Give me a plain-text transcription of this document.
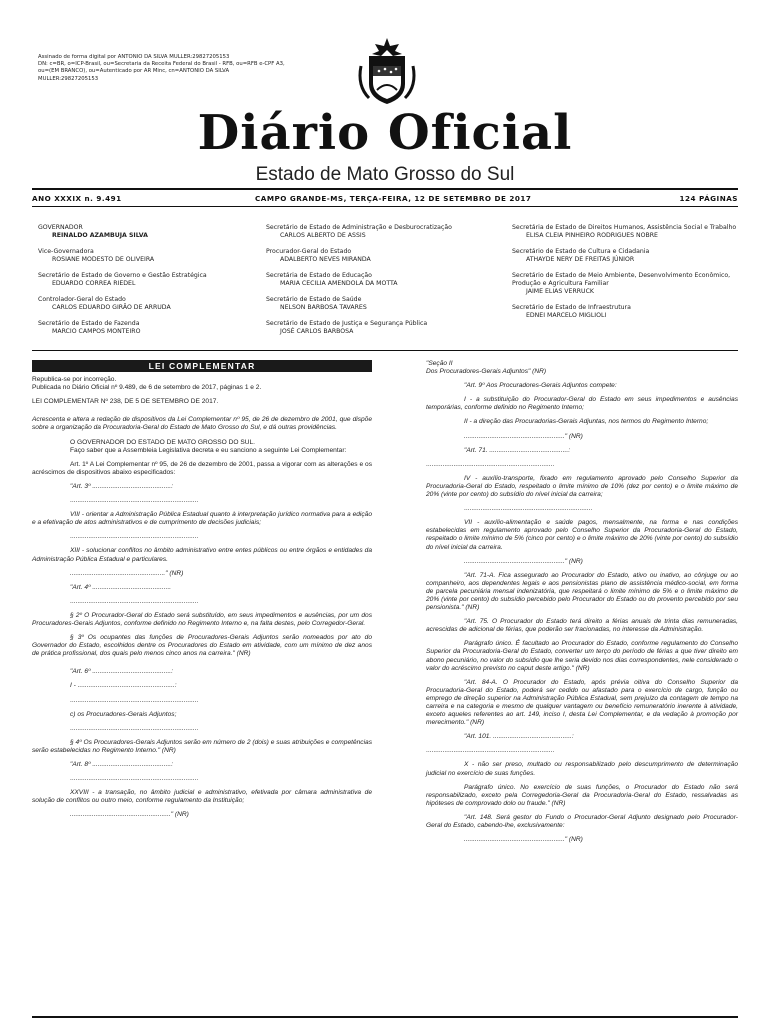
Assinado de forma digital por ANTONIO DA SILVA MULLER:29827205153
DN: c=BR, o=ICP-Brasil, ou=Secretaria da Receita Federal do Brasil - RFB, ou=RFB e-CPF A3,
ou=(EM BRANCO), ou=Autenticado por AR Minc, cn=ANTONIO DA SILVA
MULLER:29827205153
Diário Oficial
Estado de Mato Grosso do Sul
ANO XXXIX n. 9.491	CAMPO GRANDE-MS, TERÇA-FEIRA, 12 DE SETEMBRO DE 2017	124 PÁGINAS
GOVERNADOR
REINALDO AZAMBUJA SILVA
Vice-Governadora
ROSIANE MODESTO DE OLIVEIRA
Secretário de Estado de Governo e Gestão Estratégica
EDUARDO CORREA RIEDEL
Controlador-Geral do Estado
CARLOS EDUARDO GIRÃO DE ARRUDA
Secretário de Estado de Fazenda
MARCIO CAMPOS MONTEIRO
Secretário de Estado de Administração e Desburocratização
CARLOS ALBERTO DE ASSIS
Procurador-Geral do Estado
ADALBERTO NEVES MIRANDA
Secretária de Estado de Educação
MARIA CECILIA AMENDOLA DA MOTTA
Secretário de Estado de Saúde
NELSON BARBOSA TAVARES
Secretário de Estado de Justiça e Segurança Pública
JOSÉ CARLOS BARBOSA
Secretária de Estado de Direitos Humanos, Assistência Social e Trabalho
ELISA CLEIA PINHEIRO RODRIGUES NOBRE
Secretário de Estado de Cultura e Cidadania
ATHAYDE NERY DE FREITAS JÚNIOR
Secretário de Estado de Meio Ambiente, Desenvolvimento Econômico, Produção e Agricultura Familiar
JAIME ELIAS VERRUCK
Secretário de Estado de Infraestrutura
EDNEI MARCELO MIGLIOLI
LEI COMPLEMENTAR

Republica-se por incorreção.

Publicada no Diário Oficial nº 9.489, de 6 de setembro de 2017, páginas 1 e 2.

LEI COMPLEMENTAR Nº 238, DE 5 DE SETEMBRO DE 2017.

Acrescenta e altera a redação de dispositivos da Lei Complementar nº 95, de 26 de dezembro de 2001, que dispõe sobre a organização da Procuradoria-Geral do Estado de Mato Grosso do Sul, e dá outras providências.

O GOVERNADOR DO ESTADO DE MATO GROSSO DO SUL.

Faço saber que a Assembleia Legislativa decreta e eu sanciono a seguinte Lei Complementar:

Art. 1º A Lei Complementar nº 95, de 26 de dezembro de 2001, passa a vigorar com as alterações e os acréscimos de dispositivos abaixo especificados:

"Art. 3º ...........................................:

......................................................................

VIII - orientar a Administração Pública Estadual quanto à interpretação jurídico normativa para a edição e a efetivação de atos administrativos e de cumprimento de decisões judiciais;

......................................................................

XIII - solucionar conflitos no âmbito administrativo entre entes públicos ou entre órgãos e entidades da Administração Pública Estadual e particulares.

...................................................." (NR)

"Art. 4º ...........................................

......................................................................

§ 2º O Procurador-Geral do Estado será substituído, em seus impedimentos e ausências, por um dos Procuradores-Gerais Adjuntos, conforme definido no Regimento Interno e, na falta destes, pelo Corregedor-Geral.

§ 3º Os ocupantes das funções de Procuradores-Gerais Adjuntos serão nomeados por ato do Governador do Estado, escolhidos dentre os Procuradores do Estado em atividade, com um mínimo de dez anos de prática profissional, dos quais pelo menos cinco anos na carreira." (NR)

"Art. 6º ...........................................:

I - .....................................................:

......................................................................

c) os Procuradores-Gerais Adjuntos;

......................................................................

§ 4º Os Procuradores-Gerais Adjuntos serão em número de 2 (dois) e suas atribuições e competências serão estabelecidas no Regimento Interno." (NR)

"Art. 8º ...........................................:

......................................................................

XXVIII - a transação, no âmbito judicial e administrativo, efetivada por câmara administrativa de solução de conflitos ou outro meio, conforme regulamento da Instituição;

......................................................." (NR)

"Seção II

Dos Procuradores-Gerais Adjuntos" (NR)

"Art. 9º Aos Procuradores-Gerais Adjuntos compete:

I - a substituição do Procurador-Geral do Estado em seus impedimentos e ausências temporárias, conforme definido no Regimento Interno;

II - a direção das Procuradorias-Gerais Adjuntas, nos termos do Regimento Interno;

......................................................." (NR)

"Art. 71. ...........................................:

......................................................................

IV - auxílio-transporte, fixado em regulamento aprovado pelo Conselho Superior da Procuradoria-Geral do Estado, respeitado o limite mínimo de 10% (dez por cento) e o limite máximo de 20% (vinte por cento) do subsídio do nível inicial da carreira;

......................................................................

VII - auxílio-alimentação e saúde pagos, mensalmente, na forma e nas condições estabelecidas em regulamento aprovado pelo Conselho Superior da Procuradoria-Geral do Estado, respeitado o limite mínimo de 5% (cinco por cento) e o limite máximo de 20% (vinte por cento) do subsídio do nível inicial da carreira.

......................................................." (NR)

"Art. 71-A. Fica assegurado ao Procurador do Estado, ativo ou inativo, ao cônjuge ou ao companheiro, aos dependentes legais e aos pensionistas plano de assistência médico-social, em forma de parcela pecuniária mensal indenizatória, que respeitará o limite mínimo de 5% e o limite máximo de 20% (vinte por cento) do subsídio percebido pelo Procurador do Estado ou do provento percebido por seu pensionista." (NR)

"Art. 75. O Procurador do Estado terá direito a férias anuais de trinta dias remuneradas, acrescidas de adicional de férias, que poderão ser fracionadas, no interesse da Administração.

Parágrafo único. É facultado ao Procurador do Estado, conforme regulamento do Conselho Superior da Procuradoria-Geral do Estado, converter um terço do período de férias a que tiver direito em abono pecuniário, no valor do subsídio que lhe seria devido nos dias correspondentes, nele considerado o valor do acréscimo previsto no caput deste artigo." (NR)

"Art. 84-A. O Procurador do Estado, após prévia oitiva do Conselho Superior da Procuradoria-Geral do Estado, poderá ser cedido ou afastado para o exercício de cargo, função ou emprego de direção superior na Administração Pública Estadual, sem prejuízo da contagem de tempo na carreira e na categoria e mesmo de qualquer vantagem ou benefício remuneratório inerente à atividade, exceto aqueles referentes ao art. 149, inciso I, desta Lei Complementar, e da vedação à promoção por merecimento." (NR)

"Art. 101. ...........................................:

......................................................................

X - não ser preso, multado ou responsabilizado pelo descumprimento de determinação judicial no exercício de suas funções.

Parágrafo único. No exercício de suas funções, o Procurador do Estado não será responsabilizado, exceto pela Corregedoria-Geral da Procuradoria-Geral do Estado, ressalvadas as hipóteses de comprovado dolo ou fraude." (NR)

"Art. 148. Será gestor do Fundo o Procurador-Geral Adjunto designado pelo Procurador-Geral do Estado, cabendo-lhe, exclusivamente:

......................................................." (NR)
